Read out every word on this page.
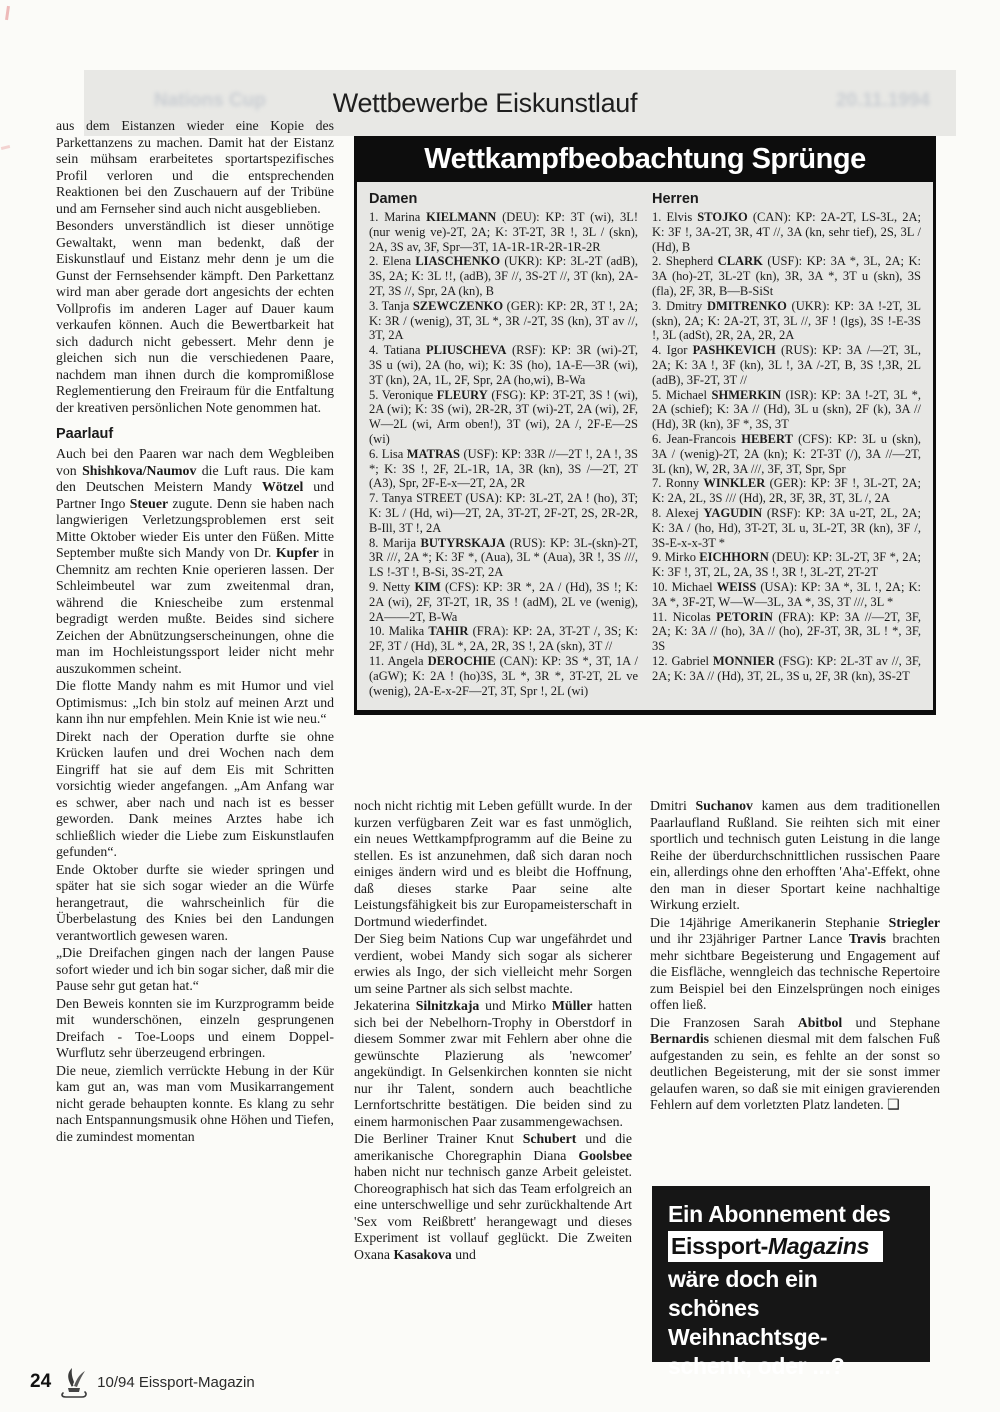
Nations Cup	Wettbewerbe Eiskunstlauf	20.11.1994
aus dem Eistanzen wieder eine Kopie des Parkettanzens zu machen. Damit hat der Eistanz sein mühsam erarbeitetes sportartspezifisches Profil verloren und die entsprechenden Reaktionen bei den Zuschauern auf der Tribüne und am Fernseher sind auch nicht ausgeblieben.
Besonders unverständlich ist dieser unnötige Gewaltakt, wenn man bedenkt, daß der Eiskunstlauf und Eistanz mehr denn je um die Gunst der Fernsehsender kämpft. Den Parkettanz wird man aber gerade dort angesichts der echten Vollprofis im anderen Lager auf Dauer kaum verkaufen können. Auch die Bewertbarkeit hat sich dadurch nicht gebessert. Mehr denn je gleichen sich nun die verschiedenen Paare, nachdem man ihnen durch die kompromißlose Reglementierung den Freiraum für die Entfaltung der kreativen persönlichen Note genommen hat.
Paarlauf
Auch bei den Paaren war nach dem Wegbleiben von Shishkova/Naumov die Luft raus. Die kam den Deutschen Meistern Mandy Wötzel und Partner Ingo Steuer zugute. Denn sie haben nach langwierigen Verletzungsproblemen erst seit Mitte Oktober wieder Eis unter den Füßen. Mitte September mußte sich Mandy von Dr. Kupfer in Chemnitz am rechten Knie operieren lassen. Der Schleimbeutel war zum zweitenmal dran, während die Kniescheibe zum erstenmal begradigt werden mußte. Beides sind sichere Zeichen der Abnützungserscheinungen, ohne die man im Hochleistungssport leider nicht mehr auszukommen scheint.
Die flotte Mandy nahm es mit Humor und viel Optimismus: „Ich bin stolz auf meinen Arzt und kann ihn nur empfehlen. Mein Knie ist wie neu.“
Direkt nach der Operation durfte sie ohne Krücken laufen und drei Wochen nach dem Eingriff hat sie auf dem Eis mit Schritten vorsichtig wieder angefangen. „Am Anfang war es schwer, aber nach und nach ist es besser geworden. Dank meines Arztes habe ich schließlich wieder die Liebe zum Eiskunstlaufen gefunden“.
Ende Oktober durfte sie wieder springen und später hat sie sich sogar wieder an die Würfe herangetraut, die wahrscheinlich für die Überbelastung des Knies bei den Landungen verantwortlich gewesen waren.
„Die Dreifachen gingen nach der langen Pause sofort wieder und ich bin sogar sicher, daß mir die Pause sehr gut getan hat.“
Den Beweis konnten sie im Kurzprogramm beide mit wunderschönen, einzeln gesprungenen Dreifach - Toe-Loops und einem Doppel-Wurflutz sehr überzeugend erbringen.
Die neue, ziemlich verrückte Hebung in der Kür kam gut an, was man vom Musikarrangement nicht gerade behaupten konnte. Es klang zu sehr nach Entspannungsmusik ohne Höhen und Tiefen, die zumindest momentan
Wettkampfbeobachtung Sprünge
Damen
1. Marina KIELMANN (DEU): KP: 3T (wi), 3L! (nur wenig ve)-2T, 2A; K: 3T-2T, 3R !, 3L / (skn), 2A, 3S av, 3F, Spr—3T, 1A-1R-1R-2R-1R-2R
2. Elena LIASCHENKO (UKR): KP: 3L-2T (adB), 3S, 2A; K: 3L !!, (adB), 3F //, 3S-2T //, 3T (kn), 2A-2T, 3S //, Spr, 2A (kn), B
3. Tanja SZEWCZENKO (GER): KP: 2R, 3T !, 2A; K: 3R / (wenig), 3T, 3L *, 3R /-2T, 3S (kn), 3T av //, 3T, 2A
4. Tatiana PLIUSCHEVA (RSF): KP: 3R (wi)-2T, 3S u (wi), 2A (ho, wi); K: 3S (ho), 1A-E—3R (wi), 3T (kn), 2A, 1L, 2F, Spr, 2A (ho,wi), B-Wa
5. Veronique FLEURY (FSG): KP: 3T-2T, 3S ! (wi), 2A (wi); K: 3S (wi), 2R-2R, 3T (wi)-2T, 2A (wi), 2F, W—2L (wi, Arm oben!), 3T (wi), 2A /, 2F-E—2S (wi)
6. Lisa MATRAS (USF): KP: 33R //—2T !, 2A !, 3S *; K: 3S !, 2F, 2L-1R, 1A, 3R (kn), 3S /—2T, 2T (A3), Spr, 2F-E-x—2T, 2A, 2R
7. Tanya STREET (USA): KP: 3L-2T, 2A ! (ho), 3T; K: 3L / (Hd, wi)—2T, 2A, 3T-2T, 2F-2T, 2S, 2R-2R, B-Ill, 3T !, 2A
8. Marija BUTYRSKAJA (RUS): KP: 3L-(skn)-2T, 3R ///, 2A *; K: 3F *, (Aua), 3L * (Aua), 3R !, 3S ///, LS !-3T !, B-Si, 3S-2T, 2A
9. Netty KIM (CFS): KP: 3R *, 2A / (Hd), 3S !; K: 2A (wi), 2F, 3T-2T, 1R, 3S ! (adM), 2L ve (wenig), 2A——2T, B-Wa
10. Malika TAHIR (FRA): KP: 2A, 3T-2T /, 3S; K: 2F, 3T / (Hd), 3L *, 2A, 2R, 3S !, 2A (skn), 3T //
11. Angela DEROCHIE (CAN): KP: 3S *, 3T, 1A / (aGW); K: 2A ! (ho)3S, 3L *, 3R *, 3T-2T, 2L ve (wenig), 2A-E-x-2F—2T, 3T, Spr !, 2L (wi)
Herren
1. Elvis STOJKO (CAN): KP: 2A-2T, LS-3L, 2A; K: 3F !, 3A-2T, 3R, 4T //, 3A (kn, sehr tief), 2S, 3L / (Hd), B
2. Shepherd CLARK (USF): KP: 3A *, 3L, 2A; K: 3A (ho)-2T, 3L-2T (kn), 3R, 3A *, 3T u (skn), 3S (fla), 2F, 3R, B—B-SiSt
3. Dmitry DMITRENKO (UKR): KP: 3A !-2T, 3L (skn), 2A; K: 2A-2T, 3T, 3L //, 3F ! (lgs), 3S !-E-3S !, 3L (adSt), 2R, 2A, 2R, 2A
4. Igor PASHKEVICH (RUS): KP: 3A /—2T, 3L, 2A; K: 3A !, 3F (kn), 3L !, 3A /-2T, B, 3S !,3R, 2L (adB), 3F-2T, 3T //
5. Michael SHMERKIN (ISR): KP: 3A !-2T, 3L *, 2A (schief); K: 3A // (Hd), 3L u (skn), 2F (k), 3A // (Hd), 3R (kn), 3F *, 3S, 3T
6. Jean-Francois HEBERT (CFS): KP: 3L u (skn), 3A / (wenig)-2T, 2A (kn); K: 2T-3T (/), 3A //—2T, 3L (kn), W, 2R, 3A ///, 3F, 3T, Spr, Spr
7. Ronny WINKLER (GER): KP: 3F !, 3L-2T, 2A; K: 2A, 2L, 3S /// (Hd), 2R, 3F, 3R, 3T, 3L /, 2A
8. Alexej YAGUDIN (RSF): KP: 3A u-2T, 2L, 2A; K: 3A / (ho, Hd), 3T-2T, 3L u, 3L-2T, 3R (kn), 3F /, 3S-E-x-x-3T *
9. Mirko EICHHORN (DEU): KP: 3L-2T, 3F *, 2A; K: 3F !, 3T, 2L, 2A, 3S !, 3R !, 3L-2T, 2T-2T
10. Michael WEISS (USA): KP: 3A *, 3L !, 2A; K: 3A *, 3F-2T, W—W—3L, 3A *, 3S, 3T ///, 3L *
11. Nicolas PETORIN (FRA): KP: 3A //—2T, 3F, 2A; K: 3A // (ho), 3A // (ho), 2F-3T, 3R, 3L ! *, 3F, 3S
12. Gabriel MONNIER (FSG): KP: 2L-3T av //, 3F, 2A; K: 3A // (Hd), 3T, 2L, 3S u, 2F, 3R (kn), 3S-2T
noch nicht richtig mit Leben gefüllt wurde. In der kurzen verfügbaren Zeit war es fast unmöglich, ein neues Wettkampfprogramm auf die Beine zu stellen. Es ist anzunehmen, daß sich daran noch einiges ändern wird und es bleibt die Hoffnung, daß dieses starke Paar seine alte Leistungsfähigkeit bis zur Europameisterschaft in Dortmund wiederfindet.
Der Sieg beim Nations Cup war ungefährdet und verdient, wobei Mandy sich sogar als sicherer erwies als Ingo, der sich vielleicht mehr Sorgen um seine Partner als sich selbst machte.
Jekaterina Silnitzkaja und Mirko Müller hatten sich bei der Nebelhorn-Trophy in Oberstdorf in diesem Sommer zwar mit Fehlern aber ohne die gewünschte Plazierung als 'newcomer' angekündigt. In Gelsenkirchen konnten sie nicht nur ihr Talent, sondern auch beachtliche Lernfortschritte bestätigen. Die beiden sind zu einem harmonischen Paar zusammengewachsen.
Die Berliner Trainer Knut Schubert und die amerikanische Choregraphin Diana Goolsbee haben nicht nur technisch ganze Arbeit geleistet. Choreographisch hat sich das Team erfolgreich an eine unterschwellige und sehr zurückhaltende Art 'Sex vom Reißbrett' herangewagt und dieses Experiment ist vollauf geglückt. Die Zweiten Oxana Kasakova und
Dmitri Suchanov kamen aus dem traditionellen Paarlaufland Rußland. Sie reihten sich mit einer sportlich und technisch guten Leistung in die lange Reihe der überdurchschnittlichen russischen Paare ein, allerdings ohne den erhofften 'Aha'-Effekt, ohne den man in dieser Sportart keine nachhaltige Wirkung erzielt.
Die 14jährige Amerikanerin Stephanie Striegler und ihr 23jähriger Partner Lance Travis brachten mehr sichtbare Begeisterung und Engagement auf die Eisfläche, wenngleich das technische Repertoire zum Beispiel bei den Einzelsprüngen noch einiges offen ließ.
Die Franzosen Sarah Abitbol und Stephane Bernardis schienen diesmal mit dem falschen Fuß aufgestanden zu sein, es fehlte an der sonst so deutlichen Begeisterung, mit der sie sonst immer gelaufen waren, so daß sie mit einigen gravierenden Fehlern auf dem vorletzten Platz landeten. ❑
Ein Abonnement des
Eissport-Magazins
wäre doch ein
schönes
Weihnachtsge-
schenk, oder ...?
24	10/94 Eissport-Magazin
